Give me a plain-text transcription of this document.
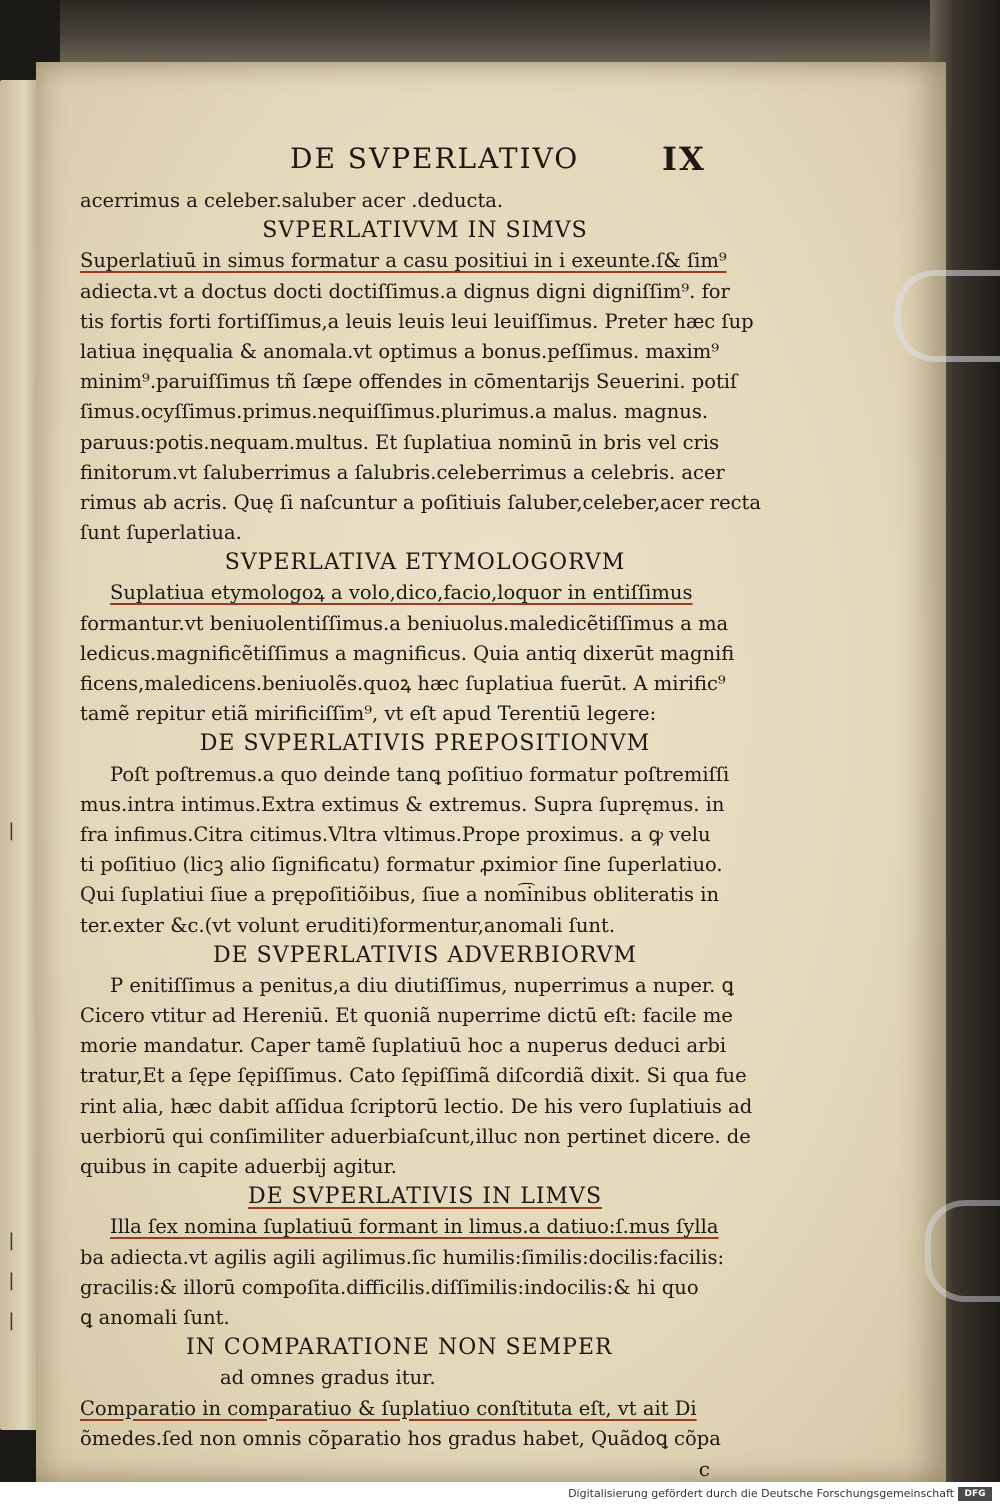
|
|
|
|
DE SVPERLATIVO	IX
acerrimus a celeber.saluber acer .deducta.
SVPERLATIVVM IN SIMVS
Superlatiuū in simus formatur a casu positiui in i exeunte.ſ& ſim⁹
adiecta.vt a doctus docti doctiſſimus.a dignus digni digniſſim⁹. for
tis fortis forti fortiſſimus,a leuis leuis leui leuiſſimus. Preter hæc ſup
latiua inęqualia & anomala.vt optimus a bonus.peſſimus. maxim⁹
minim⁹.paruiſſimus tñ ſæpe offendes in cōmentarijs Seuerini. potiſ
ſimus.ocyſſimus.primus.nequiſſimus.plurimus.a malus. magnus.
paruus:potis.nequam.multus. Et ſuplatiua nominū in bris vel cris
finitorum.vt ſaluberrimus a ſalubris.celeberrimus a celebris. acer
rimus ab acris. Quę ſi naſcuntur a poſitiuis ſaluber,celeber,acer recta
ſunt ſuperlatiua.
SVPERLATIVA ETYMOLOGORVM
Suplatiua etymologoꝝ a volo,dico,facio,loquor in entiſſimus
formantur.vt beniuolentiſſimus.a beniuolus.maledicẽtiſſimus a ma
ledicus.magnificẽtiſſimus a magnificus. Quia antiq dixerūt magnifi
ficens,maledicens.beniuolẽs.quoꝝ hæc ſuplatiua fuerūt. A mirific⁹
tamẽ repitur etiã mirificiſſim⁹, vt eſt apud Terentiū legere:
DE SVPERLATIVIS PREPOSITIONVM
Poſt poſtremus.a quo deinde tanꝗ poſitiuo formatur poſtremiſſi
mus.intra intimus.Extra extimus & extremus. Supra ſupręmus. in
fra infimus.Citra citimus.Vltra vltimus.Prope proximus. a ꝙ velu
ti poſitiuo (licꝫ alio ſignificatu) formatur ꝓximior ſine ſuperlatiuo.
Qui ſuplatiui ſiue a prępoſitiõibus, ſiue a nom͡inibus obliteratis in
ter.exter &c.(vt volunt eruditi)formentur,anomali ſunt.
DE SVPERLATIVIS ADVERBIORVM
P enitiſſimus a penitus,a diu diutiſſimus, nuperrimus a nuper. ꝗ
Cicero vtitur ad Hereniū. Et quoniã nuperrime dictū eſt: facile me
morie mandatur. Caper tamẽ ſuplatiuū hoc a nuperus deduci arbi
tratur,Et a ſępe ſępiſſimus. Cato ſępiſſimã diſcordiã dixit. Si qua fue
rint alia, hæc dabit aſſidua ſcriptorū lectio. De his vero ſuplatiuis ad
uerbiorū qui conſimiliter aduerbiaſcunt,illuc non pertinet dicere. de
quibus in capite aduerbij agitur.
DE SVPERLATIVIS IN LIMVS
Illa ſex nomina ſuplatiuū formant in limus.a datiuo:ſ.mus ſylla
ba adiecta.vt agilis agili agilimus.ſic humilis:ſimilis:docilis:facilis:
gracilis:& illorū compoſita.difficilis.diſſimilis:indocilis:& hi quo
ꝗ anomali ſunt.
IN COMPARATIONE NON SEMPER
ad omnes gradus itur.
Comparatio in comparatiuo & ſuplatiuo conſtituta eſt, vt ait Di
õmedes.ſed non omnis cõparatio hos gradus habet, Quãdoꝗ cõpa
c
Digitalisierung gefördert durch die Deutsche Forschungsgemeinschaft	DFG
